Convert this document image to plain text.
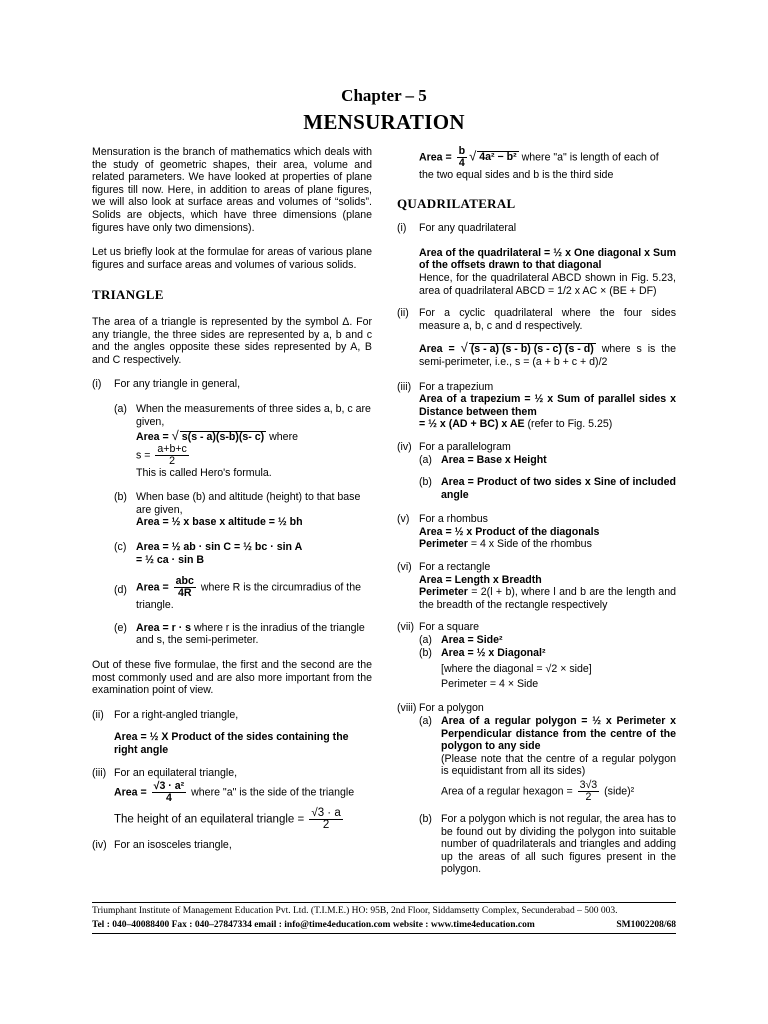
Chapter – 5
MENSURATION

Mensuration is the branch of mathematics which deals with the study of geometric shapes, their area, volume and related parameters. We have looked at properties of plane figures till now. Here, in addition to areas of plane figures, we will also look at surface areas and volumes of “solids”. Solids are objects, which have three dimensions (plane figures have only two dimensions).

Let us briefly look at the formulae for areas of various plane figures and surface areas and volumes of various solids.

TRIANGLE

The area of a triangle is represented by the symbol Δ. For any triangle, the three sides are represented by a, b and c and the angles opposite these sides represented by A, B and C respectively.

(i)	For any triangle in general,
(a) When the measurements of three sides a, b, c are given,

Area = √ s(s - a)(s-b)(s- c) where

$s = \frac{a+b+c}{2}$

This is called Hero's formula.

(b) When base (b) and altitude (height) to that base are given,

Area = ½ x base x altitude = ½ bh

(c) Area = ½ ab · sin C = ½ bc · sin A

= ½ ca · sin B

(d) Area = $\frac{\text{abc}}{4R}$ where R is the circumradius of the triangle.

(e) Area = r · s where r is the inradius of the triangle and s, the semi-perimeter.

Out of these five formulae, the first and the second are the most commonly used and are also more important from the examination point of view.

(ii) For a right-angled triangle,

Area = ½ X Product of the sides containing the right angle

(iii) For an equilateral triangle,

Area = $\frac{\text{√3 · a²}}{4}$ where "a" is the side of the triangle

The height of an equilateral triangle = $\frac{√3 \cdot a}{2}$

(iv) For an isosceles triangle,

Area = $\frac{b}{4}$ √ 4a² − b² where "a" is length of each of the two equal sides and b is the third side

QUADRILATERAL

(i)	For any quadrilateral

Area of the quadrilateral = ½ x One diagonal x Sum of the offsets drawn to that diagonal

Hence, for the quadrilateral ABCD shown in Fig. 5.23, area of quadrilateral ABCD = 1/2 x AC × (BE + DF)

(ii) For a cyclic quadrilateral where the four sides measure a, b, c and d respectively.

Area = √ (s - a) (s - b) (s - c) (s - d) where s is the semi-perimeter, i.e., s = (a + b + c + d)/2

(iii) For a trapezium

Area of a trapezium = ½ x Sum of parallel sides x Distance between them

= ½ x (AD + BC) x AE (refer to Fig. 5.25)

(iv) For a parallelogram

(a) Area = Base x Height
(b) Area = Product of two sides x Sine of included angle
(v) For a rhombus

Area = ½ x Product of the diagonals

Perimeter = 4 x Side of the rhombus

(vi) For a rectangle

Area = Length x Breadth

Perimeter = 2(l + b), where l and b are the length and the breadth of the rectangle respectively

(vii) For a square

(a) Area = Side²
(b) Area = ½ x Diagonal²

[where the diagonal = √2 × side]

Perimeter = 4 × Side

(viii) For a polygon

(a) Area of a regular polygon = ½ x Perimeter x Perpendicular distance from the centre of the polygon to any side

(Please note that the centre of a regular polygon is equidistant from all its sides)

Area of a regular hexagon = $\frac{3√3}{2}$ (side)²

(b) For a polygon which is not regular, the area has to be found out by dividing the polygon into suitable number of quadrilaterals and triangles and adding up the areas of all such figures present in the polygon.
Triumphant Institute of Management Education Pvt. Ltd. (T.I.M.E.) HO: 95B, 2nd Floor, Siddamsetty Complex, Secunderabad – 500 003.
Tel : 040–40088400 Fax : 040–27847334 email : info@time4education.com website : www.time4education.com	SM1002208/68
